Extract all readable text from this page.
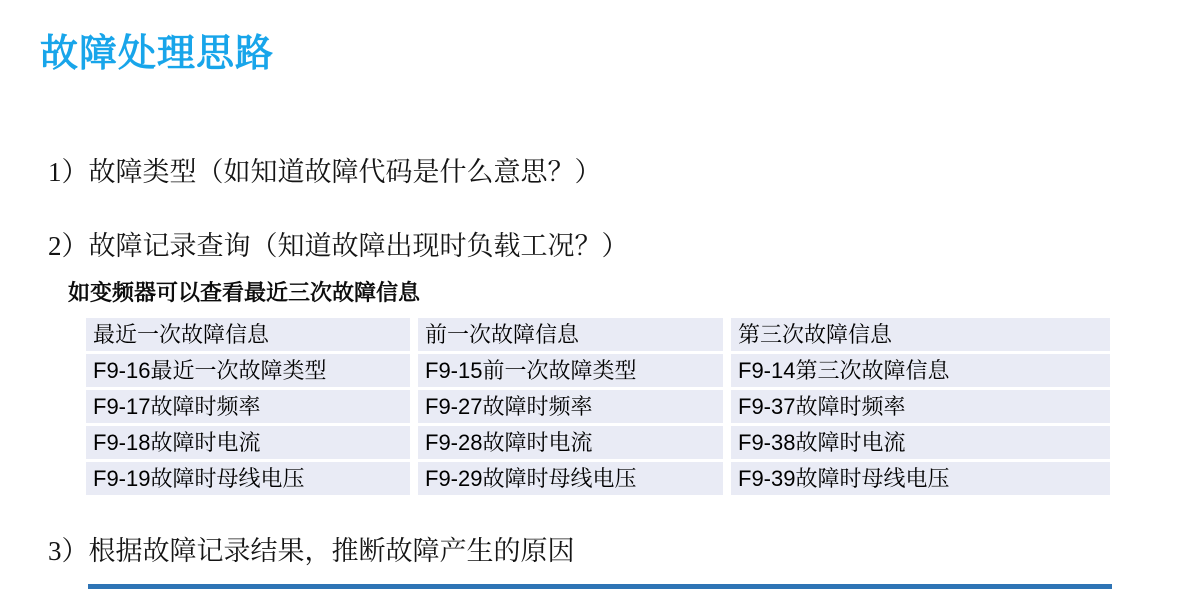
故障处理思路

1）故障类型（如知道故障代码是什么意思？）

2）故障记录查询（知道故障出现时负载工况？）

如变频器可以查看最近三次故障信息

最近一次故障信息	前一次故障信息	第三次故障信息
F9-16最近一次故障类型	F9-15前一次故障类型	F9-14第三次故障信息
F9-17故障时频率	F9-27故障时频率	F9-37故障时频率
F9-18故障时电流	F9-28故障时电流	F9-38故障时电流
F9-19故障时母线电压	F9-29故障时母线电压	F9-39故障时母线电压

3）根据故障记录结果，推断故障产生的原因
